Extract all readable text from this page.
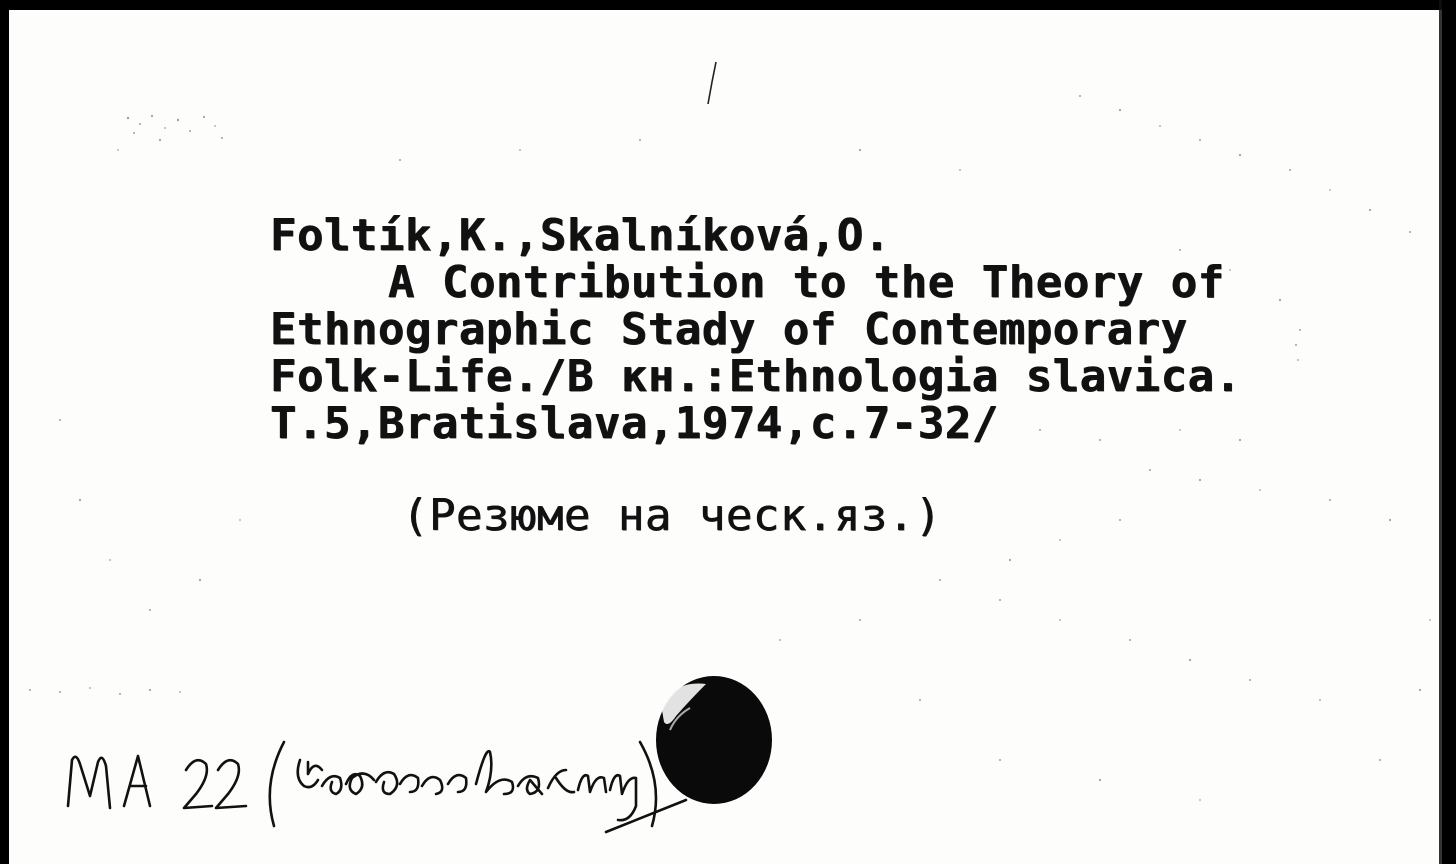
Foltík,K.,Skalníková,O.

A Contribution to the Theory of

Ethnographic Stady of Contemporary

Folk-Life./В кн.:Ethnologia slavica.

T.5,Bratislava,1974,c.7-32/

(Резюме на ческ.яз.)
